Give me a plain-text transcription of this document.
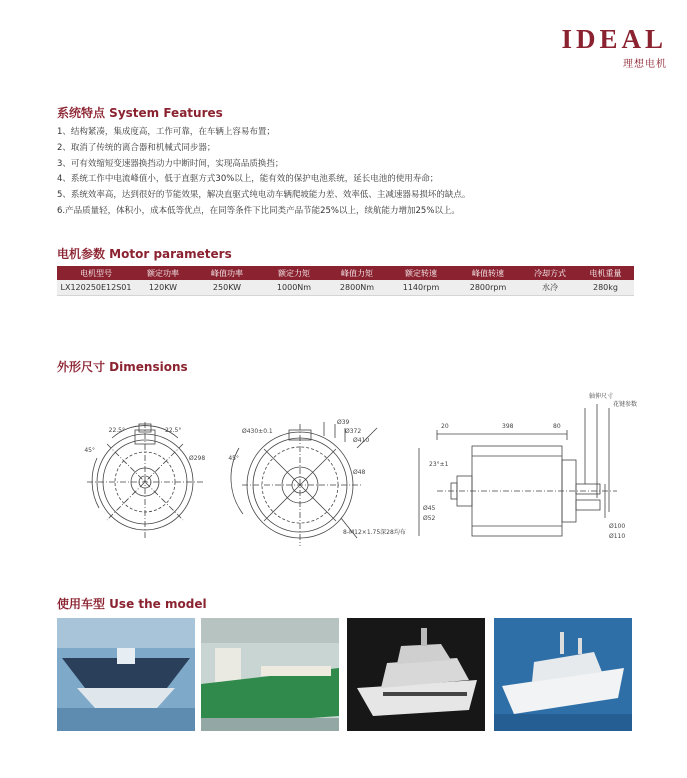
IDEAL
理想电机
系统特点 System Features
1、结构紧凑，集成度高，工作可靠，在车辆上容易布置；
2、取消了传统的离合器和机械式同步器；
3、可有效缩短变速器换挡动力中断时间，实现高品质换挡；
4、系统工作中电流峰值小，低于直驱方式30%以上，能有效的保护电池系统，延长电池的使用寿命；
5、系统效率高，达到很好的节能效果，解决直驱式纯电动车辆爬坡能力差、效率低、主减速器易损坏的缺点。
6.产品质量轻，体积小，成本低等优点，在同等条件下比同类产品节能25%以上，续航能力增加25%以上。
电机参数 Motor parameters
电机型号	额定功率	峰值功率	额定力矩	峰值力矩	额定转速	峰值转速	冷却方式	电机重量
LX120250E12S01	120KW	250KW	1000Nm	2800Nm	1140rpm	2800rpm	水冷	280kg
外形尺寸 Dimensions
22.5°	22.5°
45°
Ø298
Ø430±0.1
Ø39
Ø372
Ø410
45°
Ø48
8-M12×1.75深28均布
398
20	80
23°±1
Ø45
Ø52
Ø100
轴伸尺寸
花键参数
Ø110
使用车型 Use the model
